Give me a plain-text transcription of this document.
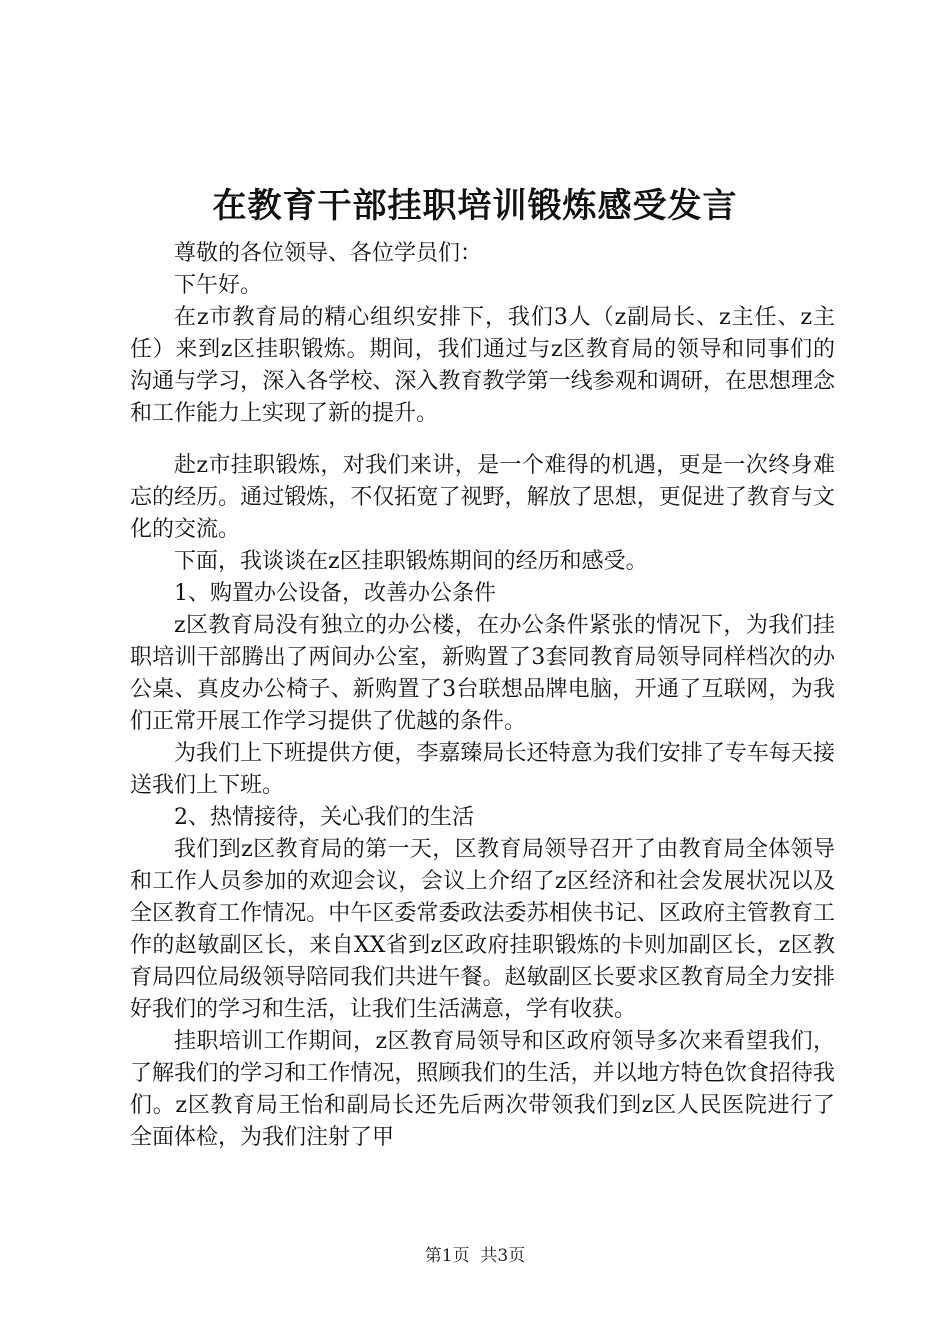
在教育干部挂职培训锻炼感受发言

尊敬的各位领导、各位学员们：

下午好。

在z市教育局的精心组织安排下，我们3人（z副局长、z主任、z主任）来到z区挂职锻炼。期间，我们通过与z区教育局的领导和同事们的沟通与学习，深入各学校、深入教育教学第一线参观和调研，在思想理念和工作能力上实现了新的提升。

赴z市挂职锻炼，对我们来讲，是一个难得的机遇，更是一次终身难忘的经历。通过锻炼，不仅拓宽了视野，解放了思想，更促进了教育与文化的交流。

下面，我谈谈在z区挂职锻炼期间的经历和感受。

1、购置办公设备，改善办公条件

z区教育局没有独立的办公楼，在办公条件紧张的情况下，为我们挂职培训干部腾出了两间办公室，新购置了3套同教育局领导同样档次的办公桌、真皮办公椅子、新购置了3台联想品牌电脑，开通了互联网，为我们正常开展工作学习提供了优越的条件。

为我们上下班提供方便，李嘉臻局长还特意为我们安排了专车每天接送我们上下班。

2、热情接待，关心我们的生活

我们到z区教育局的第一天，区教育局领导召开了由教育局全体领导和工作人员参加的欢迎会议，会议上介绍了z区经济和社会发展状况以及全区教育工作情况。中午区委常委政法委苏相侠书记、区政府主管教育工作的赵敏副区长，来自XX省到z区政府挂职锻炼的卡则加副区长，z区教育局四位局级领导陪同我们共进午餐。赵敏副区长要求区教育局全力安排好我们的学习和生活，让我们生活满意，学有收获。

挂职培训工作期间，z区教育局领导和区政府领导多次来看望我们，了解我们的学习和工作情况，照顾我们的生活，并以地方特色饮食招待我们。z区教育局王怡和副局长还先后两次带领我们到z区人民医院进行了全面体检，为我们注射了甲

第1页 共3页
